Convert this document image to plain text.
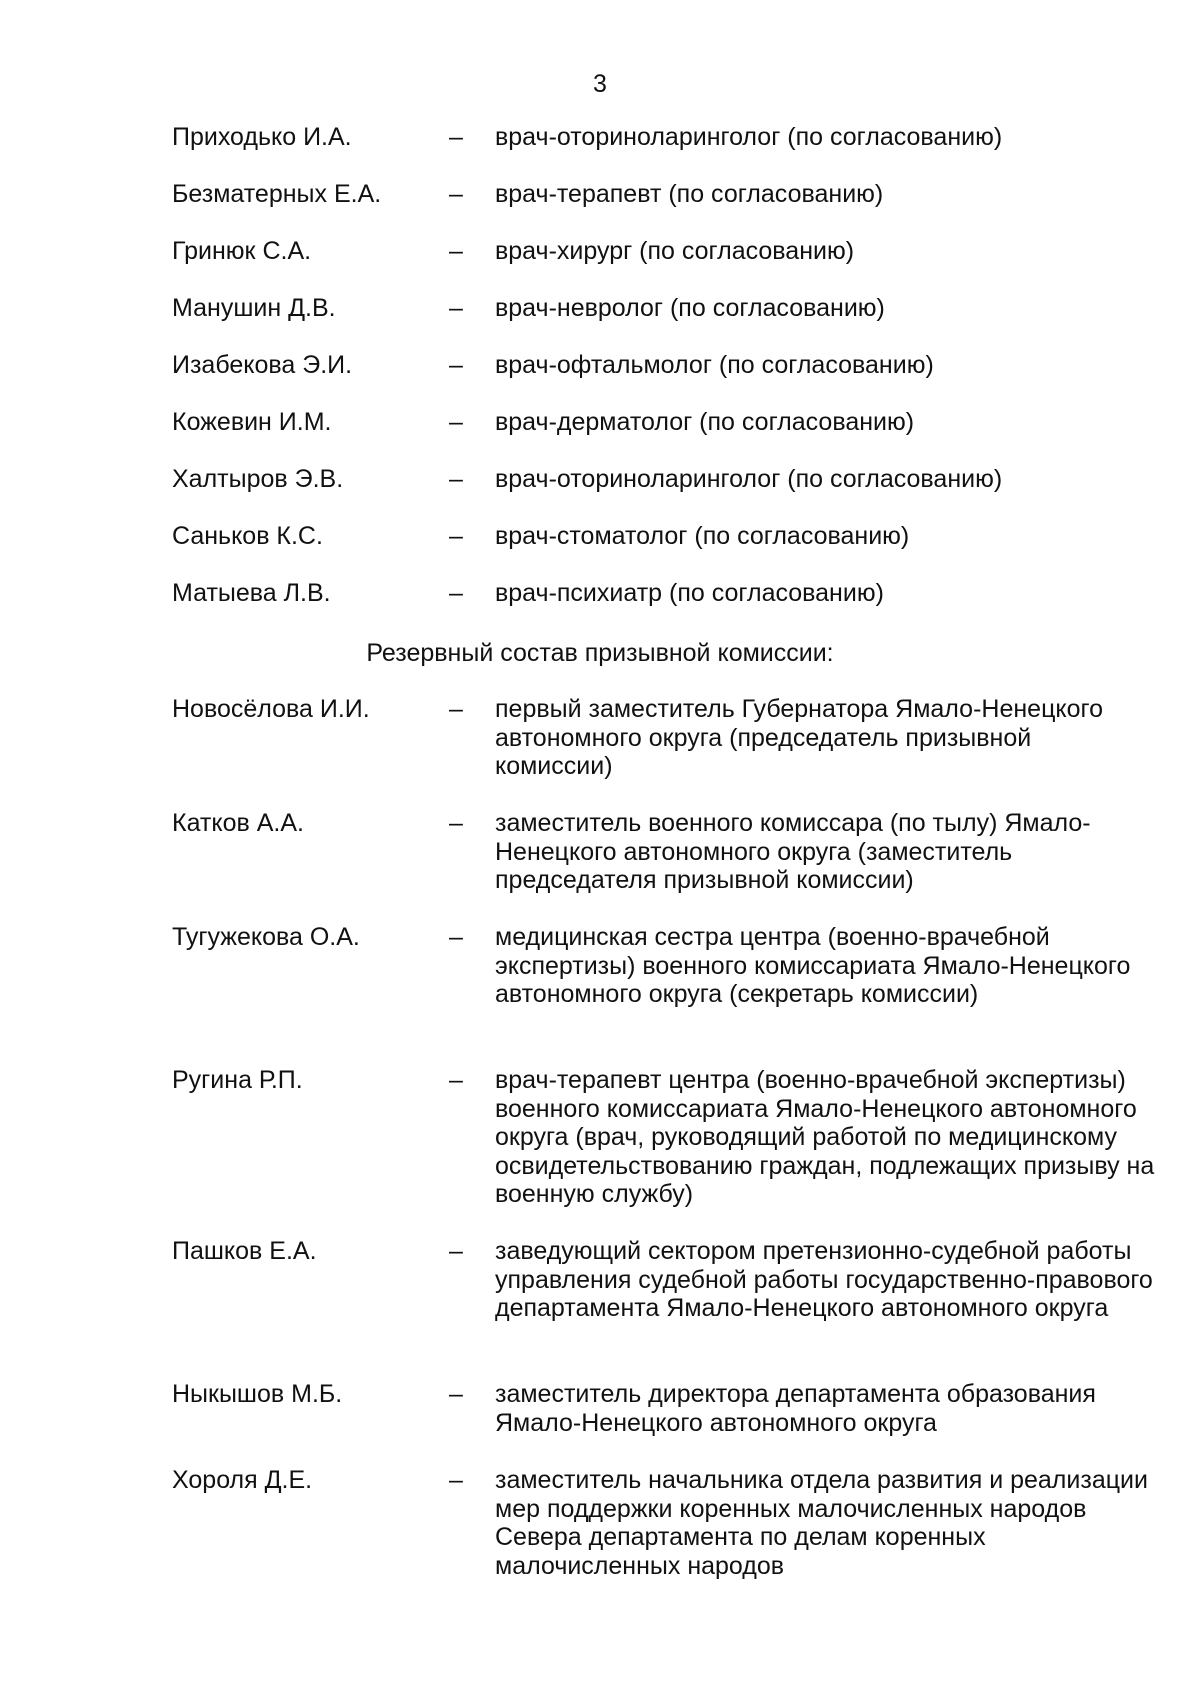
3
Приходько И.А.	– врач-оториноларинголог (по согласованию)
Безматерных Е.А.	– врач-терапевт (по согласованию)
Гринюк С.А.	– врач-хирург (по согласованию)
Манушин Д.В.	– врач-невролог (по согласованию)
Изабекова Э.И.	– врач-офтальмолог (по согласованию)
Кожевин И.М.	– врач-дерматолог (по согласованию)
Халтыров Э.В.	– врач-оториноларинголог (по согласованию)
Саньков К.С.	– врач-стоматолог (по согласованию)
Матыева Л.В.	– врач-психиатр (по согласованию)
Резервный состав призывной комиссии:
Новосёлова И.И.	– первый заместитель Губернатора Ямало-Ненецкого автономного округа (председатель призывной комиссии)
Катков А.А.	– заместитель военного комиссара (по тылу) Ямало-Ненецкого автономного округа (заместитель председателя призывной комиссии)
Тугужекова О.А.	– медицинская сестра центра (военно-врачебной экспертизы) военного комиссариата Ямало-Ненецкого автономного округа (секретарь комиссии)
Ругина Р.П.	– врач-терапевт центра (военно-врачебной экспертизы) военного комиссариата Ямало-Ненецкого автономного округа (врач, руководящий работой по медицинскому освидетельствованию граждан, подлежащих призыву на военную службу)
Пашков Е.А.	– заведующий сектором претензионно-судебной работы управления судебной работы государственно-правового департамента Ямало-Ненецкого автономного округа
Ныкышов М.Б.	– заместитель директора департамента образования Ямало-Ненецкого автономного округа
Хороля Д.Е.	– заместитель начальника отдела развития и реализации мер поддержки коренных малочисленных народов Севера департамента по делам коренных малочисленных народов
